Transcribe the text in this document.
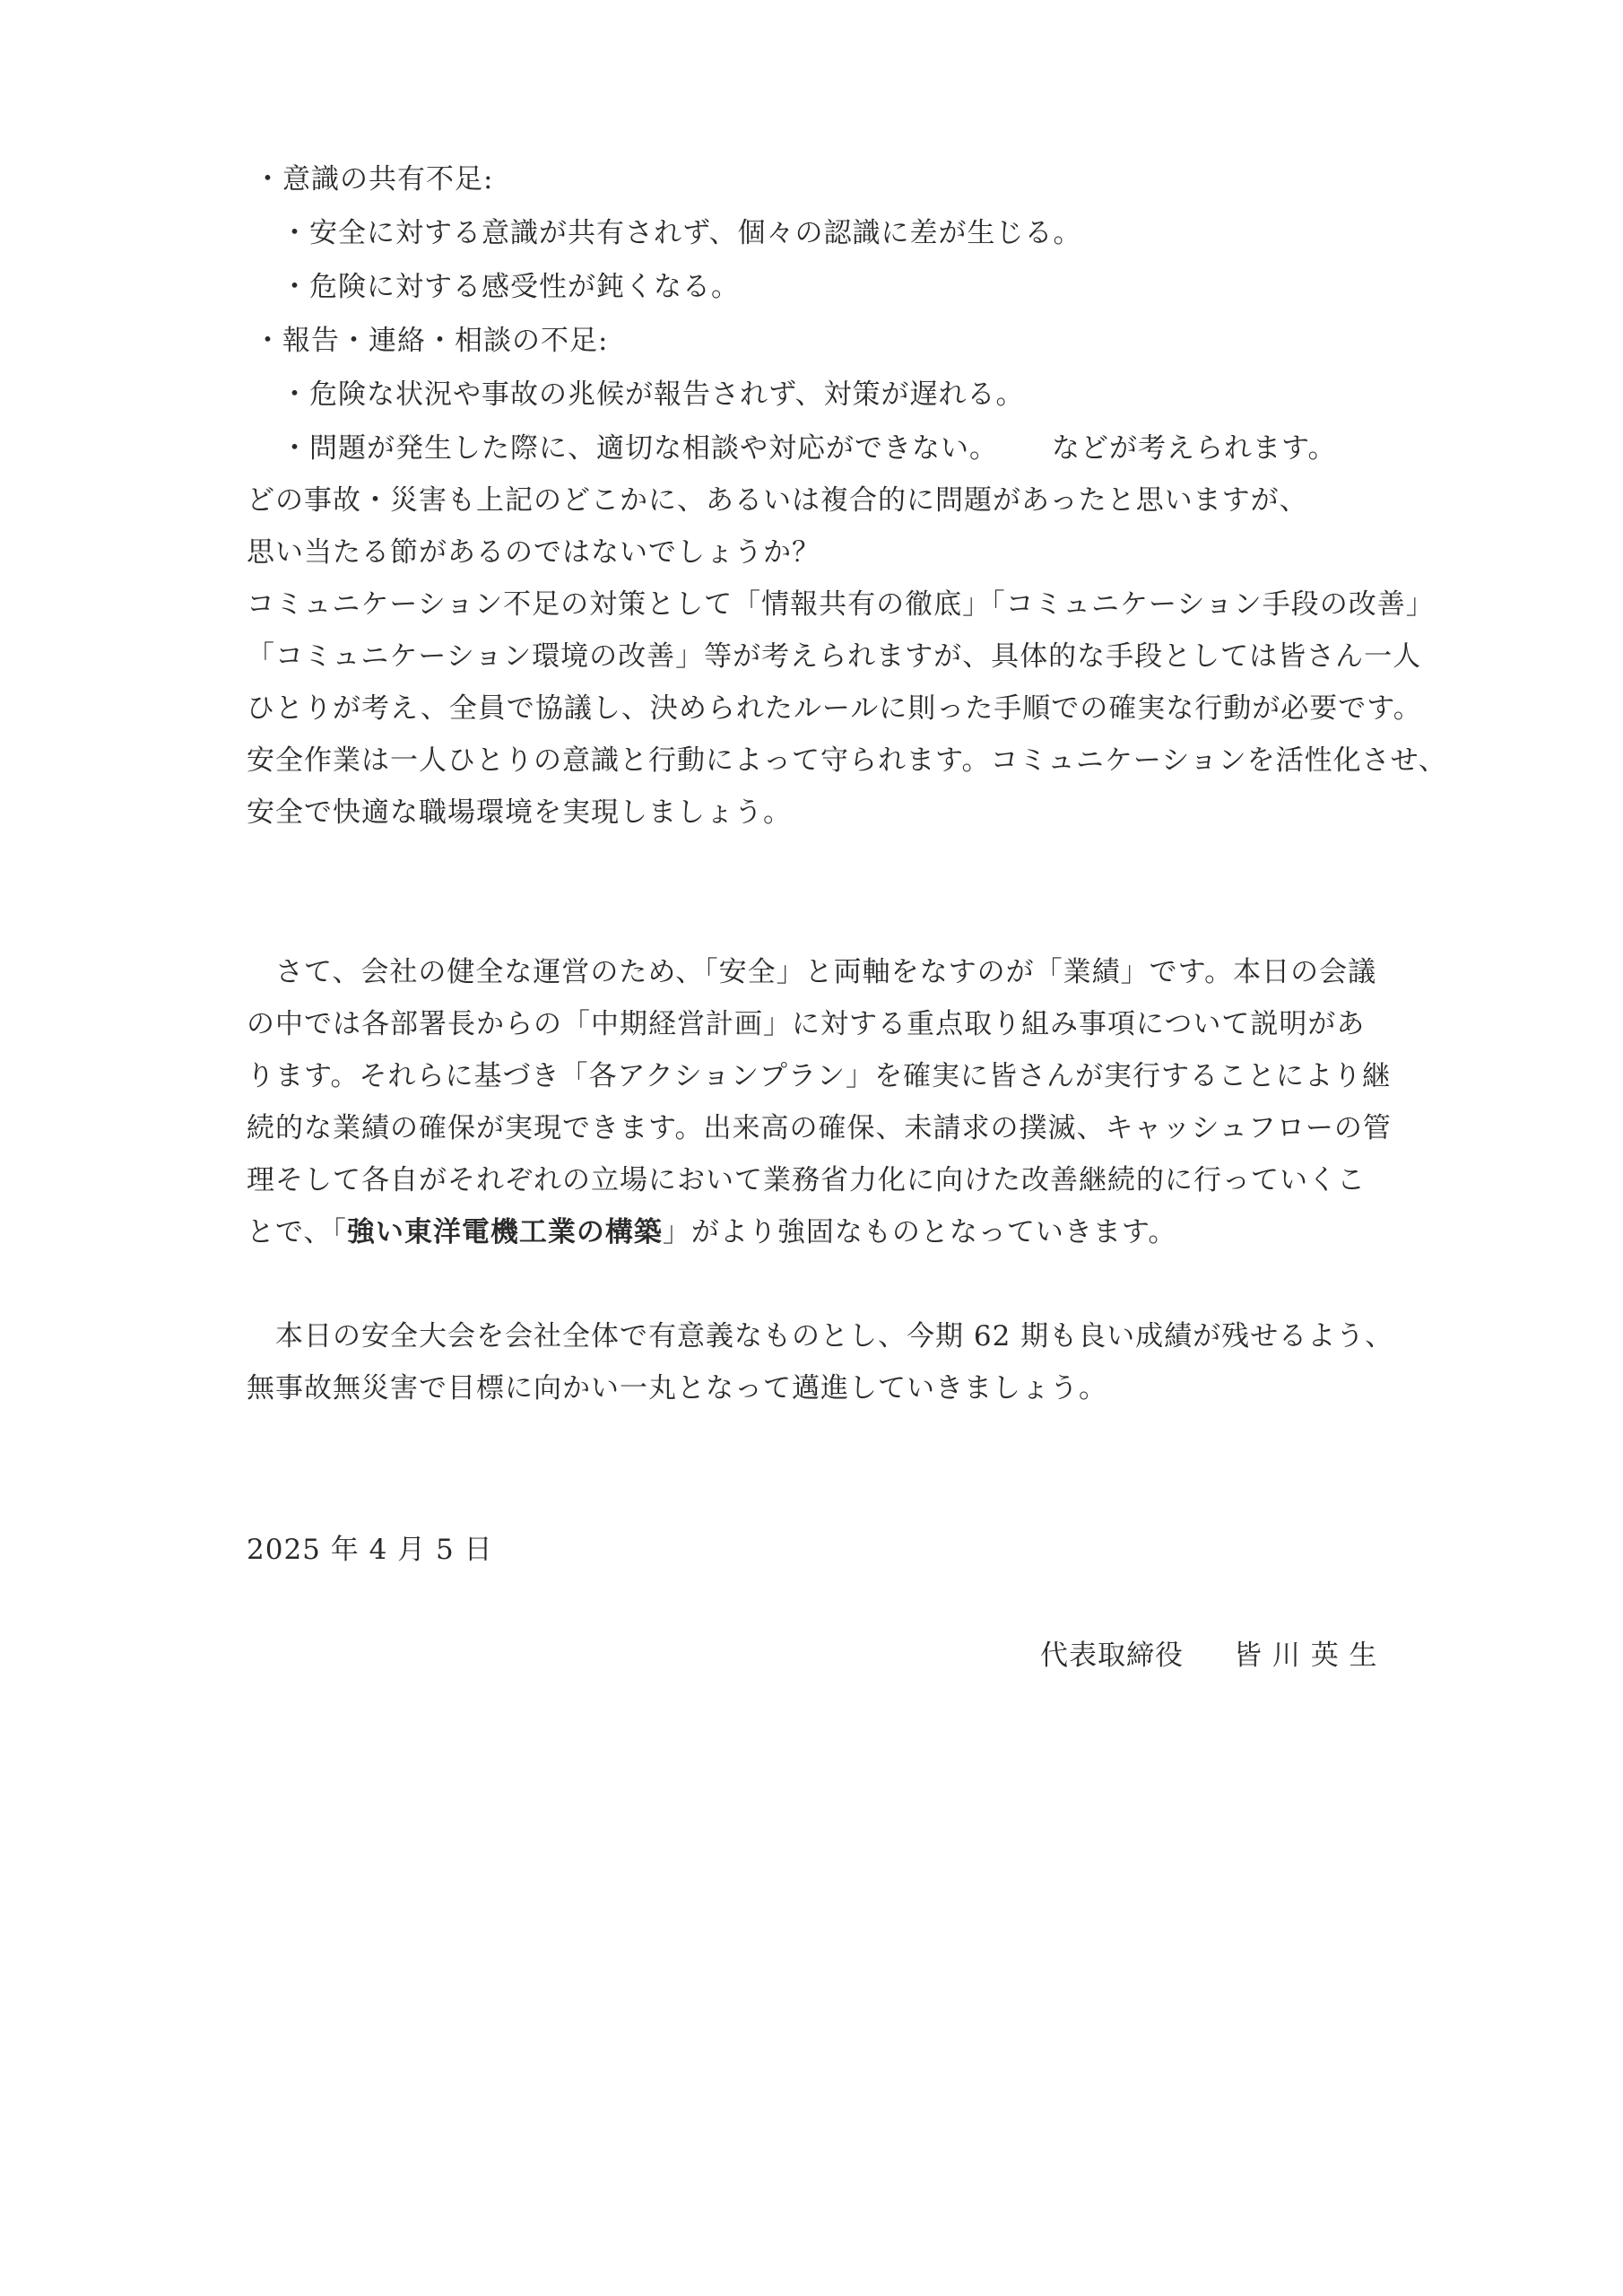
・意識の共有不足:
・安全に対する意識が共有されず、個々の認識に差が生じる。
・危険に対する感受性が鈍くなる。
・報告・連絡・相談の不足:
・危険な状況や事故の兆候が報告されず、対策が遅れる。
・問題が発生した際に、適切な相談や対応ができない。 などが考えられます。
どの事故・災害も上記のどこかに、あるいは複合的に問題があったと思いますが、
思い当たる節があるのではないでしょうか？
コミュニケーション不足の対策として「情報共有の徹底」「コミュニケーション手段の改善」
「コミュニケーション環境の改善」等が考えられますが、具体的な手段としては皆さん一人
ひとりが考え、全員で協議し、決められたルールに則った手順での確実な行動が必要です。
安全作業は一人ひとりの意識と行動によって守られます。コミュニケーションを活性化させ、
安全で快適な職場環境を実現しましょう。
　さて、会社の健全な運営のため、「安全」と両軸をなすのが「業績」です。本日の会議
の中では各部署長からの「中期経営計画」に対する重点取り組み事項について説明があ
ります。それらに基づき「各アクションプラン」を確実に皆さんが実行することにより継
続的な業績の確保が実現できます。出来高の確保、未請求の撲滅、キャッシュフローの管
理そして各自がそれぞれの立場において業務省力化に向けた改善継続的に行っていくこ
とで、「強い東洋電機工業の構築」がより強固なものとなっていきます。
　本日の安全大会を会社全体で有意義なものとし、今期 62 期も良い成績が残せるよう、
無事故無災害で目標に向かい一丸となって邁進していきましょう。
2025 年 4 月 5 日
代表取締役 皆 川 英 生
